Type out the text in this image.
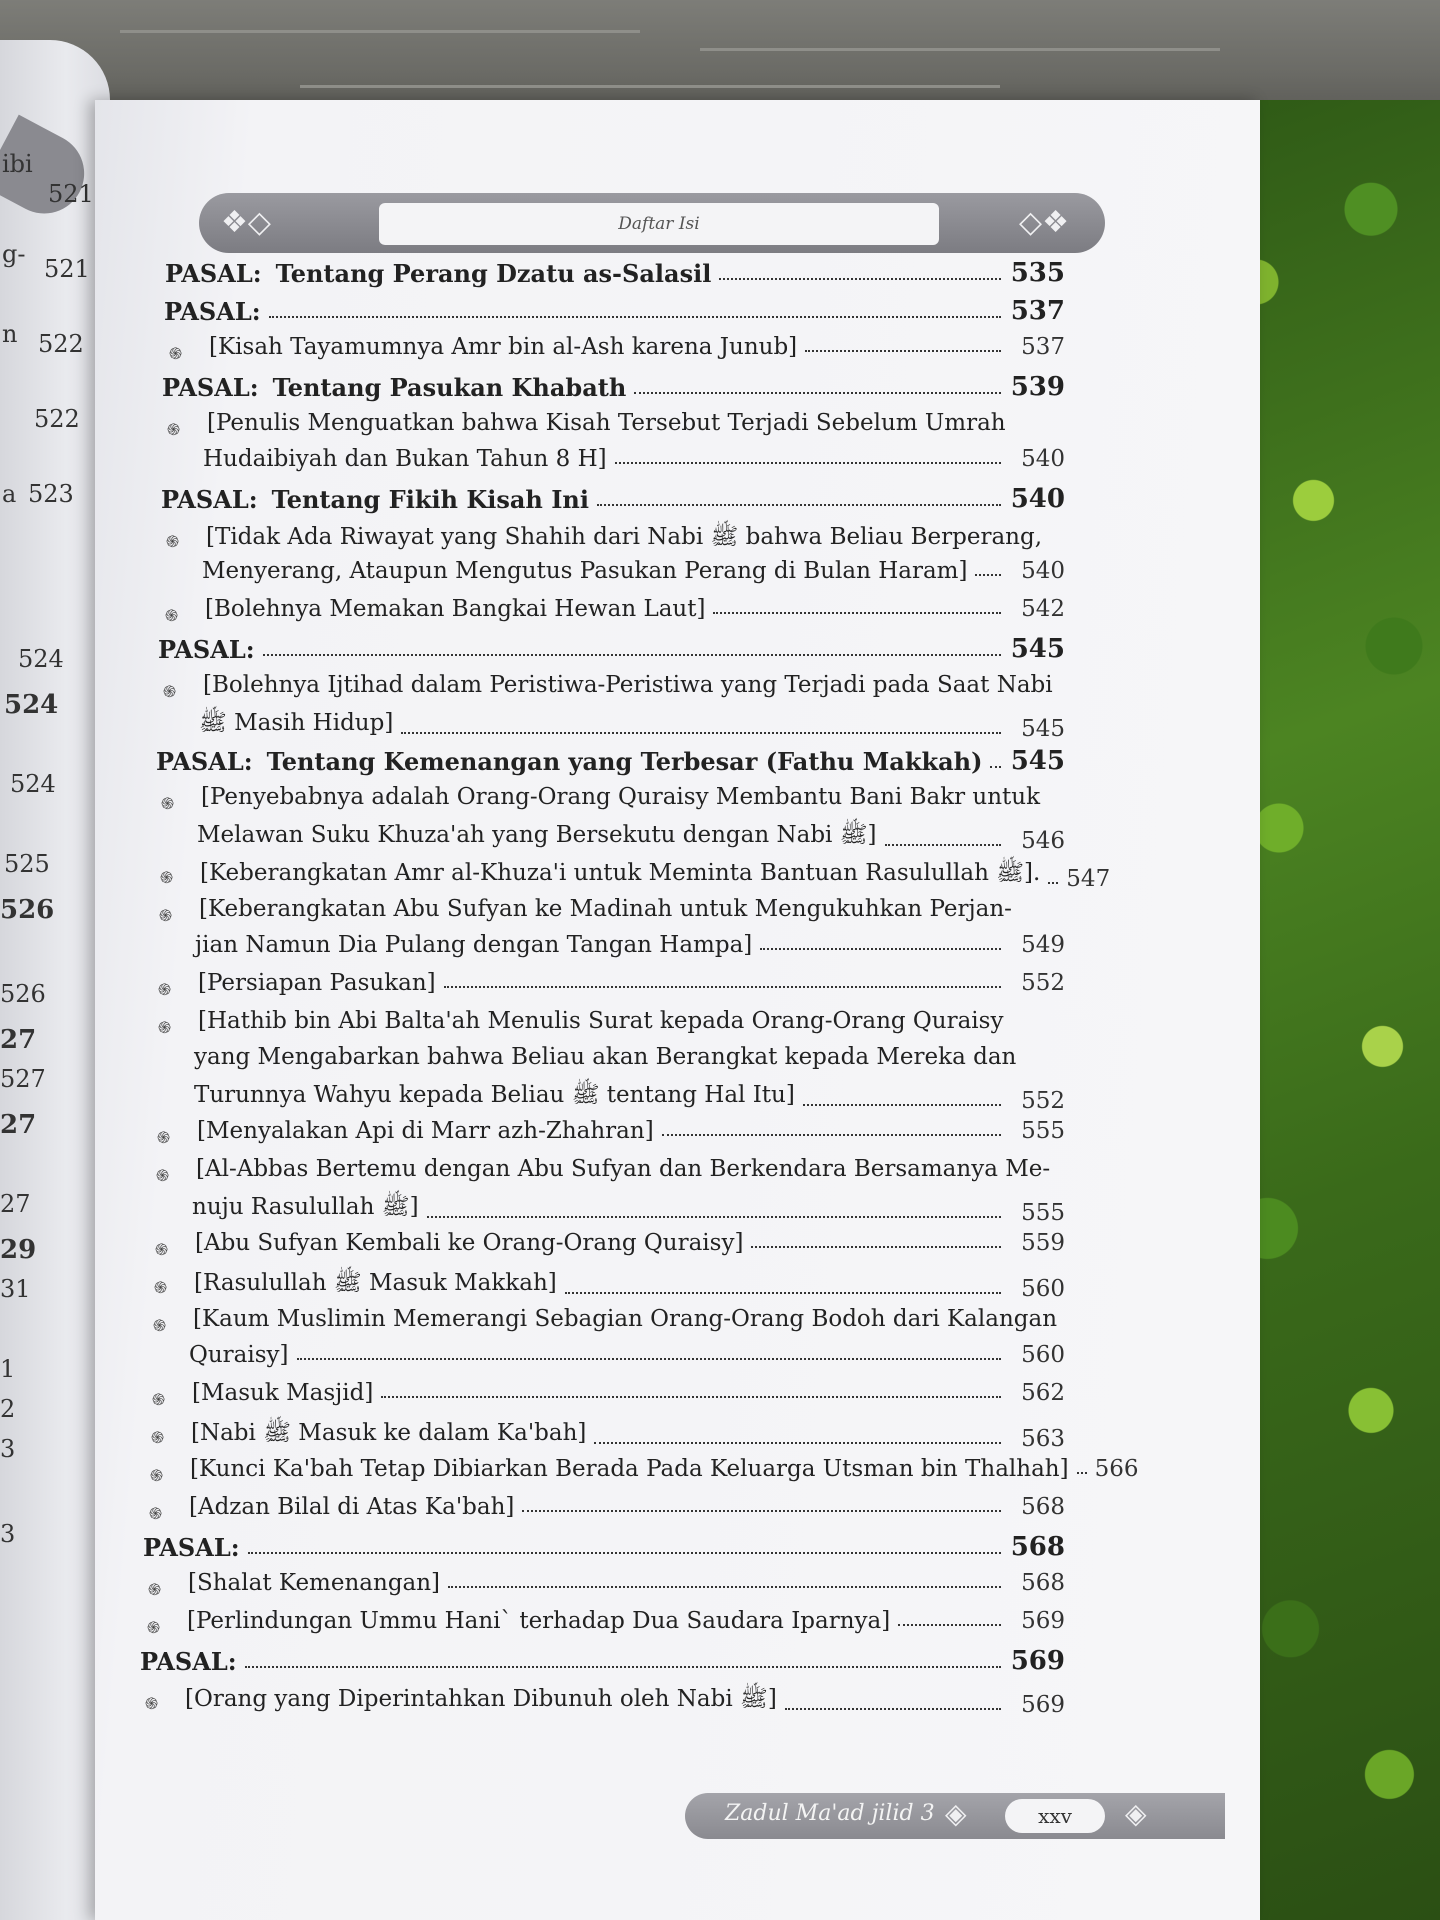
ibi
g-
n
a
521
521
522
522
523
524
524
524
525
526
526
27
527
27
27
29
31
1
2
3
3
❖◇	Daftar Isi	◇❖
PASAL: Tentang Perang Dzatu as-Salasil	535
PASAL:	537
֍ [Kisah Tayamumnya Amr bin al-Ash karena Junub]	537
PASAL: Tentang Pasukan Khabath	539
֍ [Penulis Menguatkan bahwa Kisah Tersebut Terjadi Sebelum Umrah
Hudaibiyah dan Bukan Tahun 8 H]	540
PASAL: Tentang Fikih Kisah Ini	540
֍ [Tidak Ada Riwayat yang Shahih dari Nabi ﷺ bahwa Beliau Berperang,
Menyerang, Ataupun Mengutus Pasukan Perang di Bulan Haram]	540
֍ [Bolehnya Memakan Bangkai Hewan Laut]	542
PASAL:	545
֍ [Bolehnya Ijtihad dalam Peristiwa-Peristiwa yang Terjadi pada Saat Nabi
ﷺ Masih Hidup]	545
PASAL: Tentang Kemenangan yang Terbesar (Fathu Makkah) 545
֍ [Penyebabnya adalah Orang-Orang Quraisy Membantu Bani Bakr untuk
Melawan Suku Khuza'ah yang Bersekutu dengan Nabi ﷺ]	546
֍ [Keberangkatan Amr al-Khuza'i untuk Meminta Bantuan Rasulullah ﷺ]. 547
֍ [Keberangkatan Abu Sufyan ke Madinah untuk Mengukuhkan Perjan-
jian Namun Dia Pulang dengan Tangan Hampa]	549
֍ [Persiapan Pasukan]	552
֍ [Hathib bin Abi Balta'ah Menulis Surat kepada Orang-Orang Quraisy
yang Mengabarkan bahwa Beliau akan Berangkat kepada Mereka dan
Turunnya Wahyu kepada Beliau ﷺ tentang Hal Itu]	552
֍ [Menyalakan Api di Marr azh-Zhahran]	555
֍ [Al-Abbas Bertemu dengan Abu Sufyan dan Berkendara Bersamanya Me-
nuju Rasulullah ﷺ]	555
֍ [Abu Sufyan Kembali ke Orang-Orang Quraisy]	559
֍ [Rasulullah ﷺ Masuk Makkah]	560
֍ [Kaum Muslimin Memerangi Sebagian Orang-Orang Bodoh dari Kalangan
Quraisy]	560
֍ [Masuk Masjid]	562
֍ [Nabi ﷺ Masuk ke dalam Ka'bah]	563
֍ [Kunci Ka'bah Tetap Dibiarkan Berada Pada Keluarga Utsman bin Thalhah] 566
֍ [Adzan Bilal di Atas Ka'bah]	568
PASAL:	568
֍ [Shalat Kemenangan]	568
֍ [Perlindungan Ummu Hani` terhadap Dua Saudara Iparnya]	569
PASAL:	569
֍ [Orang yang Diperintahkan Dibunuh oleh Nabi ﷺ]	569
Zadul Ma'ad jilid 3 ◈	xxv	◈
